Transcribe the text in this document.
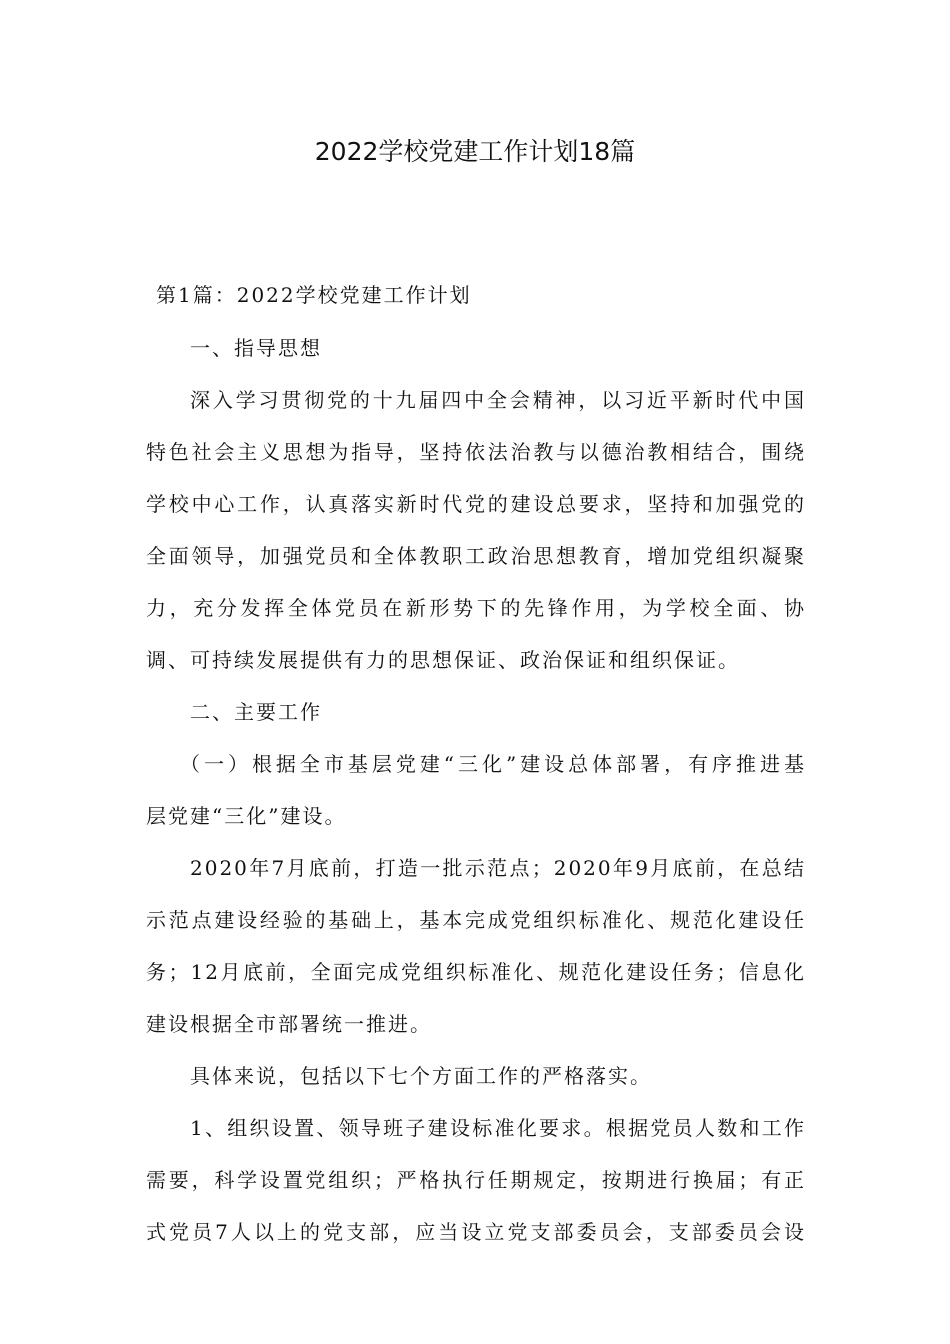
2022学校党建工作计划18篇
第1篇：2022学校党建工作计划
一、指导思想
深入学习贯彻党的十九届四中全会精神，以习近平新时代中国
特色社会主义思想为指导，坚持依法治教与以德治教相结合，围绕
学校中心工作，认真落实新时代党的建设总要求，坚持和加强党的
全面领导，加强党员和全体教职工政治思想教育，增加党组织凝聚
力，充分发挥全体党员在新形势下的先锋作用，为学校全面、协
调、可持续发展提供有力的思想保证、政治保证和组织保证。
二、主要工作
（一）根据全市基层党建“三化”建设总体部署，有序推进基
层党建“三化”建设。
2020年7月底前，打造一批示范点；2020年9月底前，在总结
示范点建设经验的基础上，基本完成党组织标准化、规范化建设任
务；12月底前，全面完成党组织标准化、规范化建设任务；信息化
建设根据全市部署统一推进。
具体来说，包括以下七个方面工作的严格落实。
1、组织设置、领导班子建设标准化要求。根据党员人数和工作
需要，科学设置党组织；严格执行任期规定，按期进行换届；有正
式党员7人以上的党支部，应当设立党支部委员会，支部委员会设
